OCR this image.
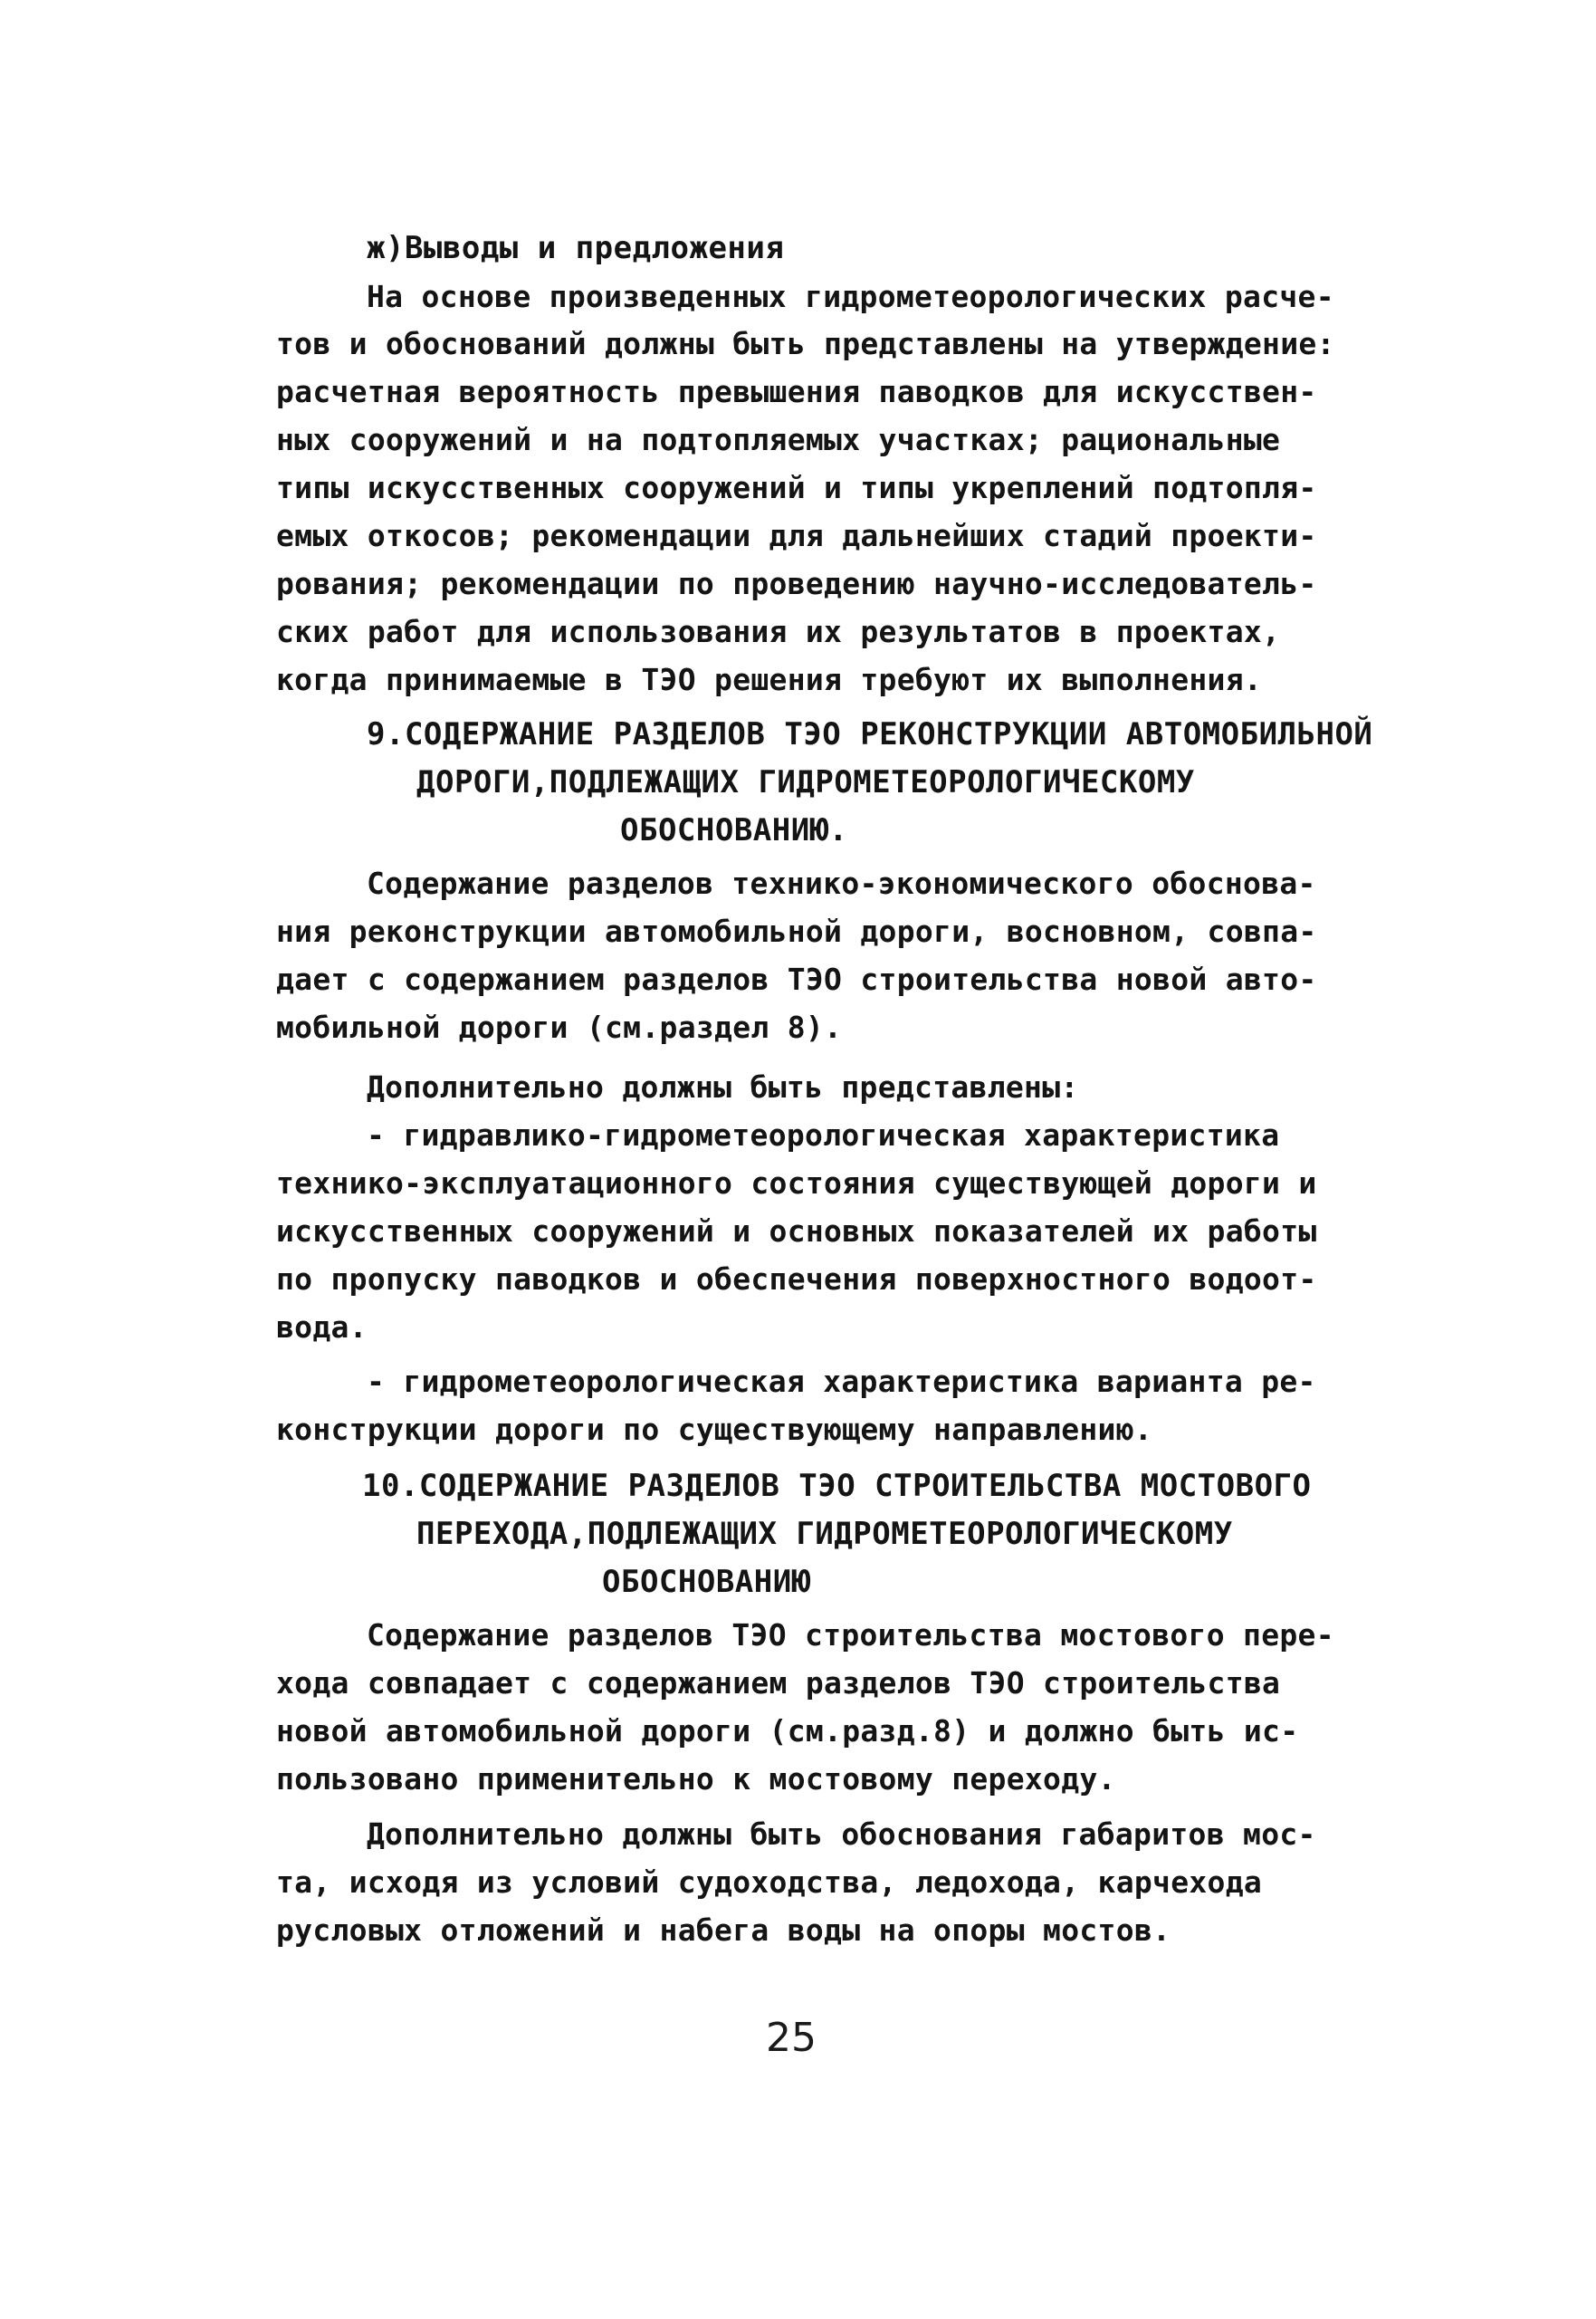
ж)Выводы и предложения
На основе произведенных гидрометеорологических расче-
тов и обоснований должны быть представлены на утверждение:
расчетная вероятность превышения паводков для искусствен-
ных сооружений и на подтопляемых участках; рациональные
типы искусственных сооружений и типы укреплений подтопля-
емых откосов; рекомендации для дальнейших стадий проекти-
рования; рекомендации по проведению научно-исследователь-
ских работ для использования их результатов в проектах,
когда принимаемые в ТЭО решения требуют их выполнения.
9.СОДЕРЖАНИЕ РАЗДЕЛОВ ТЭО РЕКОНСТРУКЦИИ АВТОМОБИЛЬНОЙ
ДОРОГИ,ПОДЛЕЖАЩИХ ГИДРОМЕТЕОРОЛОГИЧЕСКОМУ
ОБОСНОВАНИЮ.
Содержание разделов технико-экономического обоснова-
ния реконструкции автомобильной дороги, восновном, совпа-
дает с содержанием разделов ТЭО строительства новой авто-
мобильной дороги (см.раздел 8).
Дополнительно должны быть представлены:
- гидравлико-гидрометеорологическая характеристика
технико-эксплуатационного состояния существующей дороги и
искусственных сооружений и основных показателей их работы
по пропуску паводков и обеспечения поверхностного водоот-
вода.
- гидрометеорологическая характеристика варианта ре-
конструкции дороги по существующему направлению.
10.СОДЕРЖАНИЕ РАЗДЕЛОВ ТЭО СТРОИТЕЛЬСТВА МОСТОВОГО
ПЕРЕХОДА,ПОДЛЕЖАЩИХ ГИДРОМЕТЕОРОЛОГИЧЕСКОМУ
ОБОСНОВАНИЮ
Содержание разделов ТЭО строительства мостового пере-
хода совпадает с содержанием разделов ТЭО строительства
новой автомобильной дороги (см.разд.8) и должно быть ис-
пользовано применительно к мостовому переходу.
Дополнительно должны быть обоснования габаритов мос-
та, исходя из условий судоходства, ледохода, карчехода
русловых отложений и набега воды на опоры мостов.
25
